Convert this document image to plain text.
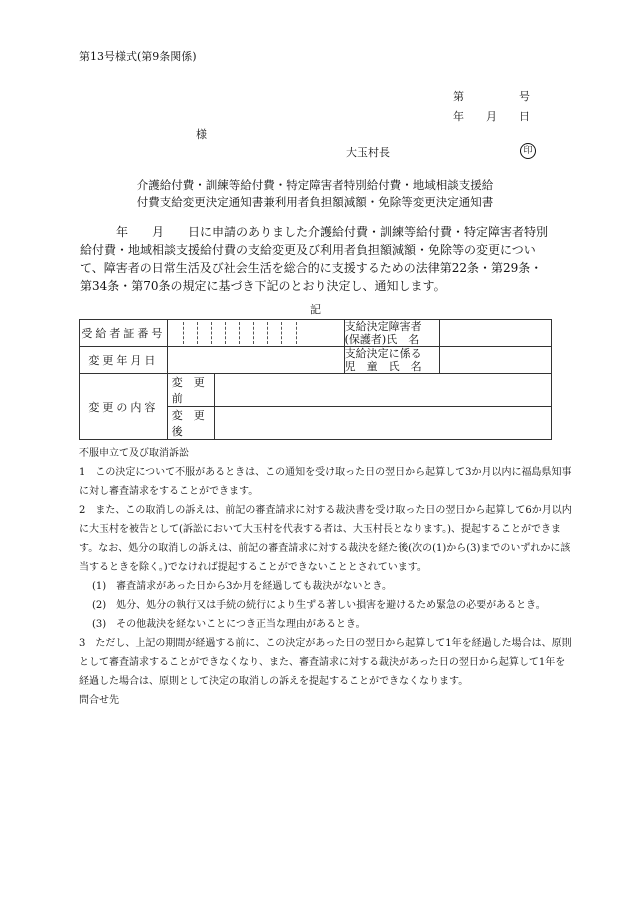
第13号様式(第9条関係)
第　　　　　号
年　　月　　日
様
大玉村長	印
介護給付費・訓練等給付費・特定障害者特別給付費・地域相談支援給
付費支給変更決定通知書兼利用者負担額減額・免除等変更決定通知書
　　　年　　月　　日に申請のありました介護給付費・訓練等給付費・特定障害者特別給付費・地域相談支援給付費の支給変更及び利用者負担額減額・免除等の変更について、障害者の日常生活及び社会生活を総合的に支援するための法律第22条・第29条・第34条・第70条の規定に基づき下記のとおり決定し、通知します。
記
受給者証番号			支給決定障害者
(保護者)氏　名	

変更年月日			支給決定に係る
児　童　氏　名	

変更の内容	変　更　前			
	変　更　後			
不服申立て及び取消訴訟
1　この決定について不服があるときは、この通知を受け取った日の翌日から起算して3か月以内に福島県知事に対し審査請求をすることができます。
2　また、この取消しの訴えは、前記の審査請求に対する裁決書を受け取った日の翌日から起算して6か月以内に大玉村を被告として(訴訟において大玉村を代表する者は、大玉村長となります。)、提起することができます。なお、処分の取消しの訴えは、前記の審査請求に対する裁決を経た後(次の(1)から(3)までのいずれかに該当するときを除く。)でなければ提起することができないこととされています。
(1)　審査請求があった日から3か月を経過しても裁決がないとき。
(2)　処分、処分の執行又は手続の続行により生ずる著しい損害を避けるため緊急の必要があるとき。
(3)　その他裁決を経ないことにつき正当な理由があるとき。
3　ただし、上記の期間が経過する前に、この決定があった日の翌日から起算して1年を経過した場合は、原則として審査請求することができなくなり、また、審査請求に対する裁決があった日の翌日から起算して1年を経過した場合は、原則として決定の取消しの訴えを提起することができなくなります。
問合せ先
